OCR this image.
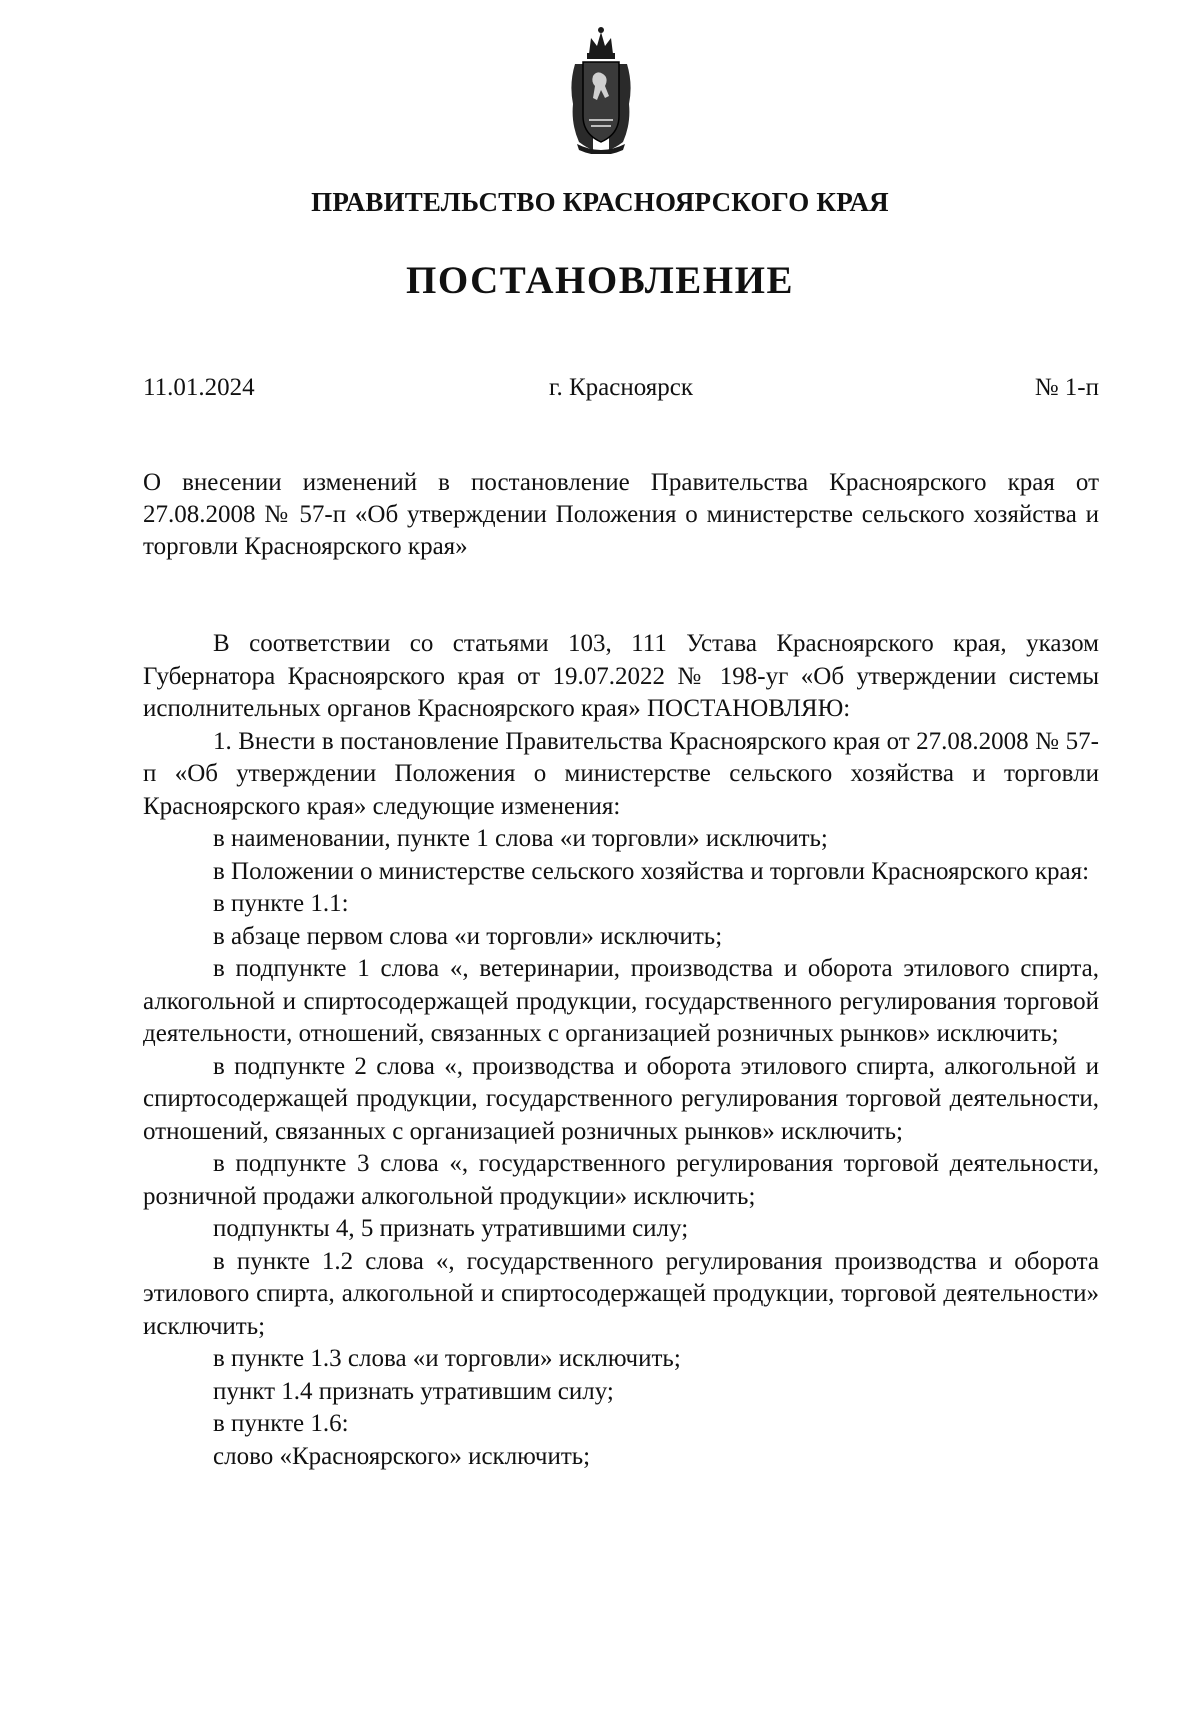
ПРАВИТЕЛЬСТВО КРАСНОЯРСКОГО КРАЯ
ПОСТАНОВЛЕНИЕ
г. Красноярск
11.01.2024	№ 1-п
О внесении изменений в постановление Правительства Красноярского края от 27.08.2008 № 57-п «Об утверждении Положения о министерстве сельского хозяйства и торговли Красноярского края»

В соответствии со статьями 103, 111 Устава Красноярского края, указом Губернатора Красноярского края от 19.07.2022 № 198-уг «Об утверждении системы исполнительных органов Красноярского края» ПОСТАНОВЛЯЮ:

1. Внести в постановление Правительства Красноярского края от 27.08.2008 № 57-п «Об утверждении Положения о министерстве сельского хозяйства и торговли Красноярского края» следующие изменения:

в наименовании, пункте 1 слова «и торговли» исключить;

в Положении о министерстве сельского хозяйства и торговли Красноярского края:

в пункте 1.1:

в абзаце первом слова «и торговли» исключить;

в подпункте 1 слова «, ветеринарии, производства и оборота этилового спирта, алкогольной и спиртосодержащей продукции, государственного регулирования торговой деятельности, отношений, связанных с организацией розничных рынков» исключить;

в подпункте 2 слова «, производства и оборота этилового спирта, алкогольной и спиртосодержащей продукции, государственного регулирования торговой деятельности, отношений, связанных с организацией розничных рынков» исключить;

в подпункте 3 слова «, государственного регулирования торговой деятельности, розничной продажи алкогольной продукции» исключить;

подпункты 4, 5 признать утратившими силу;

в пункте 1.2 слова «, государственного регулирования производства и оборота этилового спирта, алкогольной и спиртосодержащей продукции, торговой деятельности» исключить;

в пункте 1.3 слова «и торговли» исключить;

пункт 1.4 признать утратившим силу;

в пункте 1.6:

слово «Красноярского» исключить;
